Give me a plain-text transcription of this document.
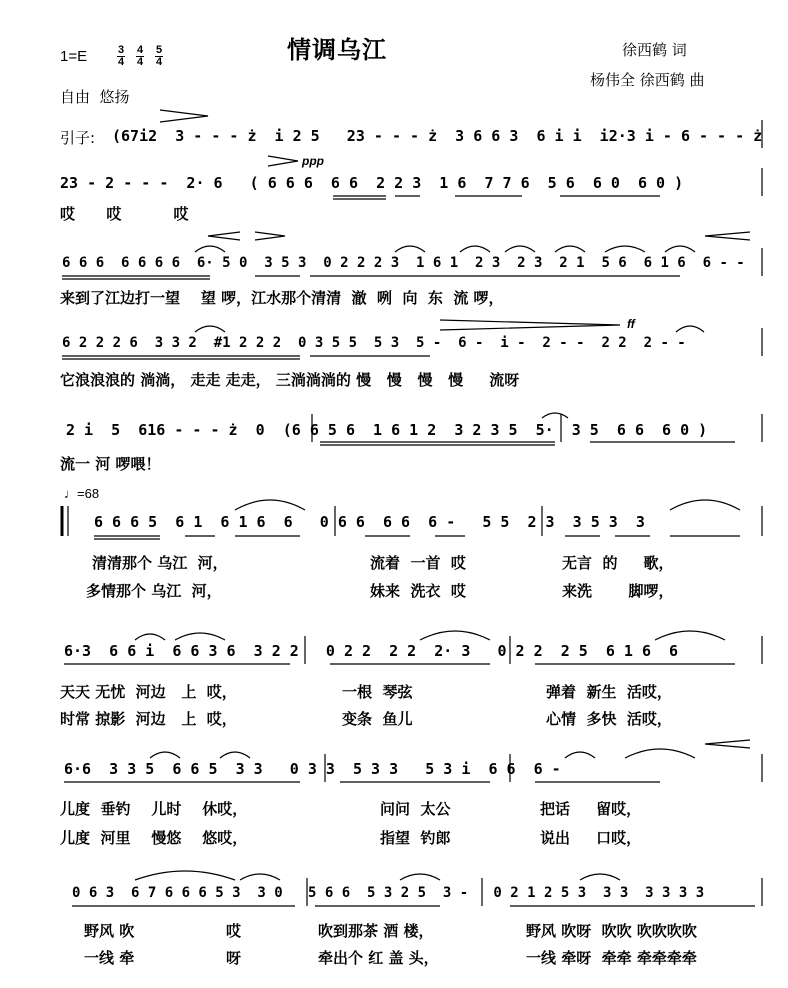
情调乌江
1=E	$\frac{3}{4} \frac{4}{4} \frac{5}{4}$	徐西鹤 词
杨伟全 徐西鹤 曲
自由  悠扬
引子: (67i2  3 - - - ż  i 2 5   23 - - - ż  3 6 6 3  6 i i  i2·3 i - 6 - - - ż
23 - 2 - - -  2· 6   ( 6 6 6  6 6  2 2 3  1 6  7 7 6  5 6  6 0  6 0 )
ppp
哎      哎          哎
6 6 6  6 6 6 6  6· 5 0  3 5 3  0 2 2 2 3  1 6 1  2 3  2 3  2 1  5 6  6 1 6  6 - -
来到了江边打一望    望 啰，江水那个清清  澈  咧  向  东  流 啰，
6 2 2 2 6  3 3 2  #1 2 2 2  0 3 5 5  5 3  5 -  6 -  i -  2 - -  2 2  2 - -
ff
它浪浪浪的 淌淌， 走走 走走， 三淌淌淌的 慢   慢   慢   慢     流呀
2 i  5  616 - - - ż  0  (6 6 5 6  1 6 1 2  3 2 3 5  5·  3 5  6 6  6 0 )
流一 河 啰喂！
♩=68
6 6 6 5  6 1  6 1 6  6   0 6 6  6 6  6 -   5 5  2 3  3 5 3  3
清清那个 乌江  河，	流着  一首  哎	无言  的     歌，
多情那个 乌江  河，	妹来  洗衣  哎	来洗       脚啰，
6·3  6 6 i  6 6 3 6  3 2 2   0 2 2  2 2  2· 3   0 2 2  2 5  6 1 6  6
天天 无忧  河边   上  哎，	一根  琴弦	弹着  新生  活哎，
时常 掠影  河边   上  哎，	变条  鱼儿	心情  多快  活哎，
6·6  3 3 5  6 6 5  3 3   0 3 3  5 3 3   5 3 i  6 6  6 -
儿度  垂钓    儿时    休哎，	问问  太公	把话     留哎，
儿度  河里    慢悠    悠哎，	指望  钓郎	说出     口哎，
0 6 3  6 7 6 6 6 5 3  3 0   5 6 6  5 3 2 5  3 -   0 2 1 2 5 3  3 3  3 3 3 3
野风 吹	哎	吹到那茶 酒 楼，	野风 吹呀  吹吹 吹吹吹吹
一线 牵	呀	牵出个 红 盖 头，	一线 牵呀  牵牵 牵牵牵牵
